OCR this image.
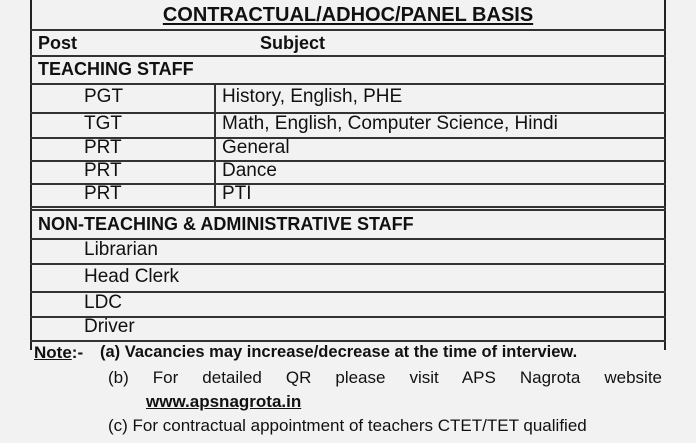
CONTRACTUAL/ADHOC/PANEL BASIS
Post	Subject
TEACHING STAFF
PGT	History, English, PHE
TGT	Math, English, Computer Science, Hindi
PRT	General
PRT	Dance
PRT	PTI
NON-TEACHING & ADMINISTRATIVE STAFF
Librarian
Head Clerk
LDC
Driver
Note:- (a) Vacancies may increase/decrease at the time of interview.
(b) For detailed QR please visit APS Nagrota website
www.apsnagrota.in
(c) For contractual appointment of teachers CTET/TET qualified
